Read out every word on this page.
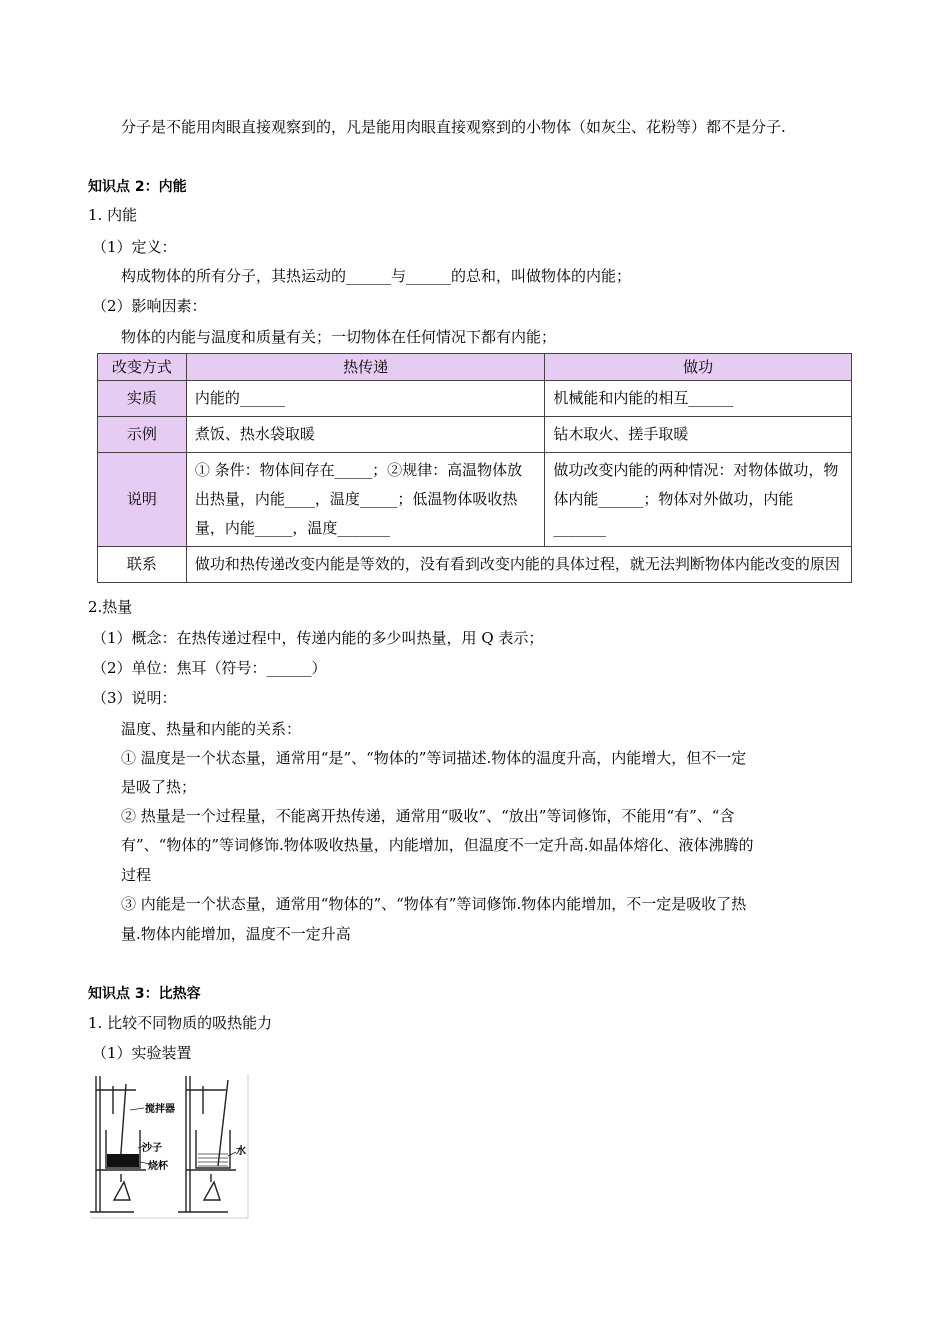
分子是不能用肉眼直接观察到的，凡是能用肉眼直接观察到的小物体（如灰尘、花粉等）都不是分子.
知识点 2：内能
1. 内能
（1）定义：
构成物体的所有分子，其热运动的______与______的总和，叫做物体的内能；
（2）影响因素：
物体的内能与温度和质量有关；一切物体在任何情况下都有内能；
改变方式	热传递	做功
实质	内能的______	机械能和内能的相互______
示例	煮饭、热水袋取暖	钻木取火、搓手取暖
说明	① 条件：物体间存在_____；②规律：高温物体放出热量，内能____，温度_____；低温物体吸收热量，内能_____，温度_______	做功改变内能的两种情况：对物体做功，物体内能______；物体对外做功，内能_______
联系	做功和热传递改变内能是等效的，没有看到改变内能的具体过程，就无法判断物体内能改变的原因	
2.热量
（1）概念：在热传递过程中，传递内能的多少叫热量，用 Q 表示；
（2）单位：焦耳（符号：______）
（3）说明：
温度、热量和内能的关系：
① 温度是一个状态量，通常用“是”、“物体的”等词描述.物体的温度升高，内能增大，但不一定
是吸了热；
② 热量是一个过程量，不能离开热传递，通常用“吸收”、“放出”等词修饰，不能用“有”、“含
有”、“物体的”等词修饰.物体吸收热量，内能增加，但温度不一定升高.如晶体熔化、液体沸腾的
过程
③ 内能是一个状态量，通常用“物体的”、“物体有”等词修饰.物体内能增加，不一定是吸收了热
量.物体内能增加，温度不一定升高
知识点 3：比热容
1. 比较不同物质的吸热能力
（1）实验装置
搅拌器
沙子
烧杯
水
